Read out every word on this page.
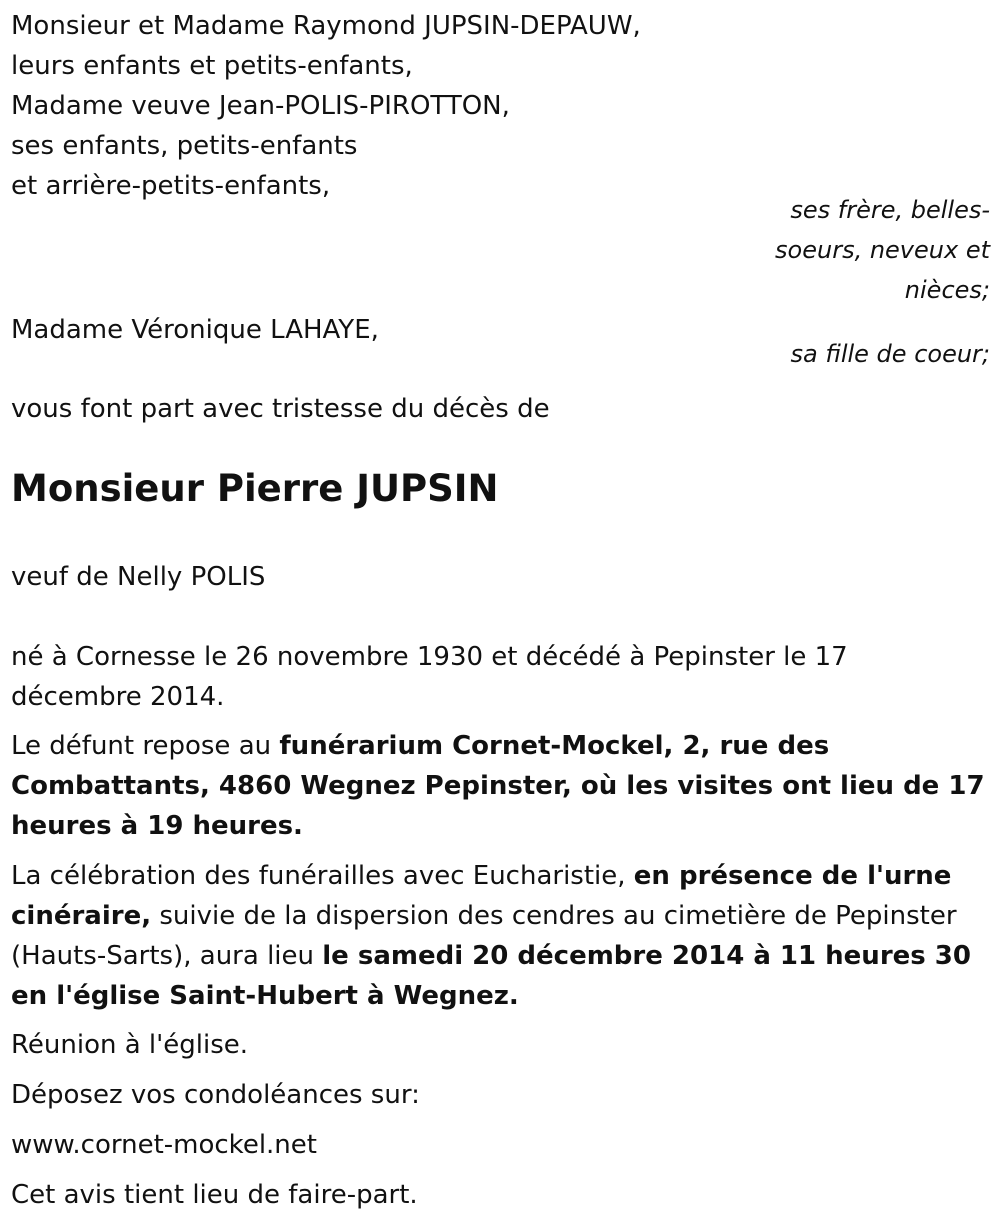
Monsieur et Madame Raymond JUPSIN-DEPAUW,
leurs enfants et petits-enfants,
Madame veuve Jean-POLIS-PIROTTON,
ses enfants, petits-enfants
et arrière-petits-enfants,
ses frère, belles-
soeurs, neveux et
nièces;
Madame Véronique LAHAYE,
sa fille de coeur;
vous font part avec tristesse du décès de
Monsieur Pierre JUPSIN
veuf de Nelly POLIS
né à Cornesse le 26 novembre 1930 et décédé à Pepinster le 17
décembre 2014.
Le défunt repose au funérarium Cornet-Mockel, 2, rue des Combattants, 4860 Wegnez Pepinster, où les visites ont lieu de 17 heures à 19 heures.
La célébration des funérailles avec Eucharistie, en présence de l'urne cinéraire, suivie de la dispersion des cendres au cimetière de Pepinster (Hauts-Sarts), aura lieu le samedi 20 décembre 2014 à 11 heures 30 en l'église Saint-Hubert à Wegnez.
Réunion à l'église.
Déposez vos condoléances sur:
www.cornet-mockel.net
Cet avis tient lieu de faire-part.
